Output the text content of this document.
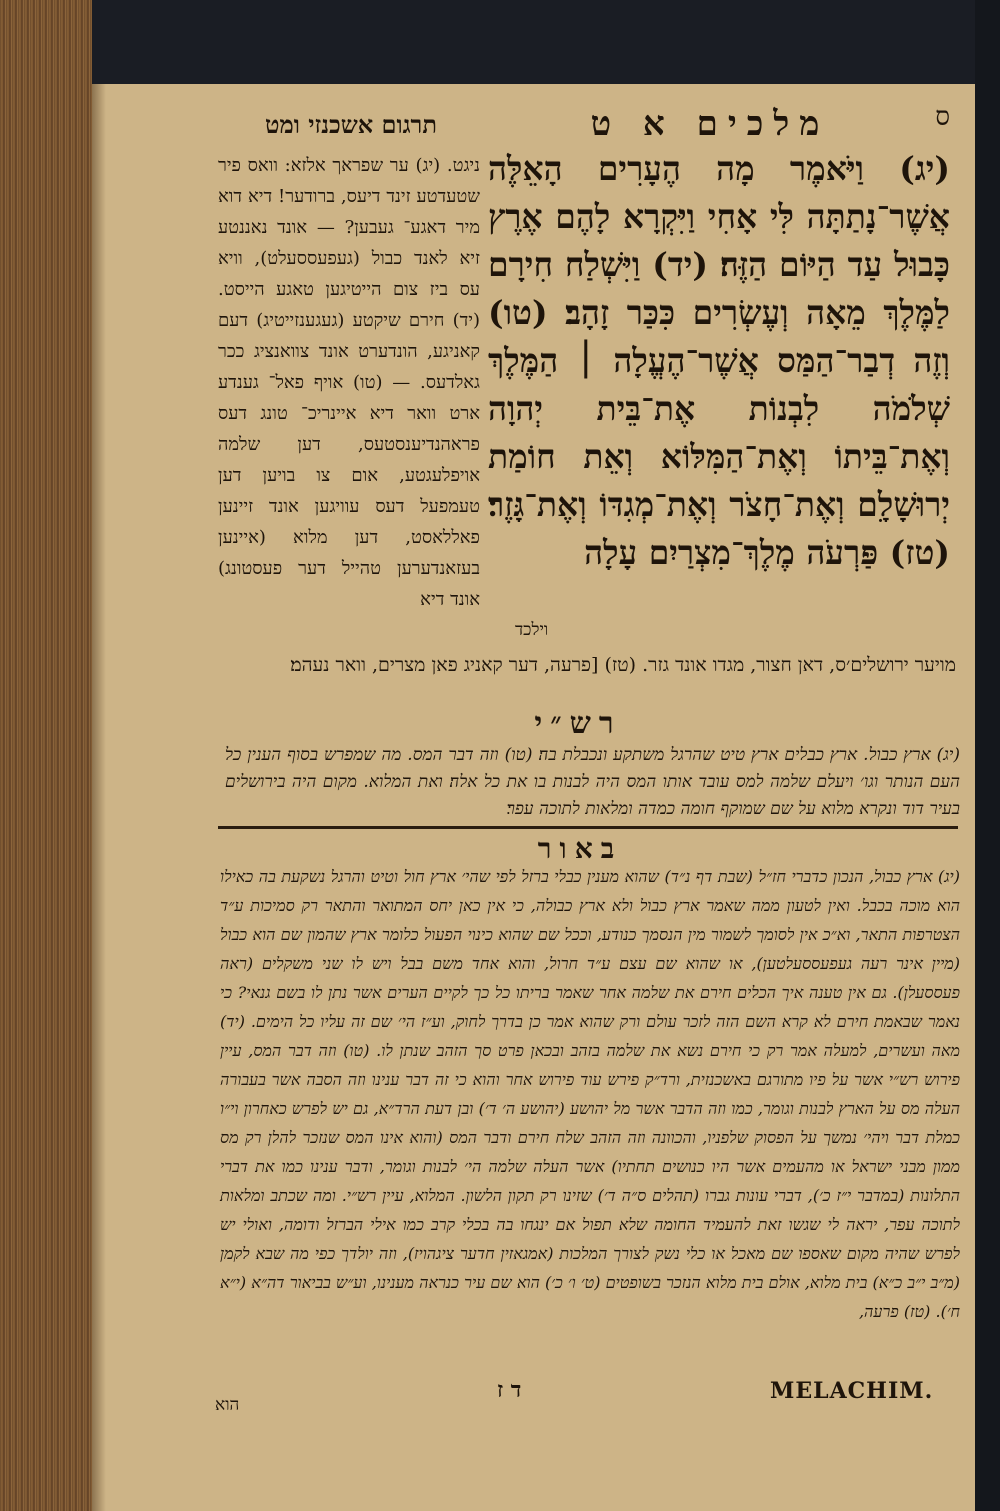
תרגום אשכנזי ומט	מלכים א ט	ס
ניגט. (יג) ער שפראך אלזא: וואס פיר שטעדטע זינד דיעס, ברודער! דיא דוא מיר דאגע־ געבען? — אונד נאננטע זיא לאנד כבול (געפעססעלט), וויא עס ביז צום הייטיגען טאגע הייסט. (יד) חירם שיקטע (געגענזייטיג) דעם קאניגע, הונדערט אונד צוואנציג ככר גאלדעס. — (טו) אויף פאל־ גענדע ארט וואר דיא איינריכ־ טונג דעס פראהנדיענסטעס, דען שלמה אויפלעגטע, אום צו בויען דען טעמפעל דעס עוויגען אונד זיינען פאללאסט, דען מלוא (איינען בעזאנדערען טהייל דער פעסטונג) אונד דיא
(יג) וַיֹּאמֶר מָה הֶעָרִים הָאֵלֶּה אֲשֶׁר־נָתַתָּה לִּי אָחִי וַיִּקְרָא לָהֶם אֶרֶץ כָּבוּל עַד הַיּוֹם הַזֶּה׃ (יד) וַיִּשְׁלַח חִירָם לַמֶּלֶךְ מֵאָה וְעֶשְׂרִים כִּכַּר זָהָב׃ (טו) וְזֶה דְבַר־הַמַּס אֲשֶׁר־הֶעֱלָה ׀ הַמֶּלֶךְ שְׁלֹמֹה לִבְנוֹת אֶת־בֵּית יְהוָה וְאֶת־בֵּיתוֹ וְאֶת־הַמִּלּוֹא וְאֵת חוֹמַת יְרוּשָׁלִָם וְאֶת־חָצֹר וְאֶת־מְגִדּוֹ וְאֶת־גָּזֶר׃ (טז) פַּרְעֹה מֶלֶךְ־מִצְרַיִם עָלָה
וילכד
מויער ירושלים׳ס, דאן חצור, מגדו אונד גזר. (טז) [פרעה, דער קאניג פאן מצרים, וואר נעהמ׃
רש״י
(יג) ארץ כבול. ארץ כבלים ארץ טיט שהרגל משתקע ונכבלת בה׃ (טו) וזה דבר המס. מה שמפרש בסוף הענין כל העם הנותר וגו׳ ויעלם שלמה למס עובד אותו המס היה לבנות בו את כל אלה׃ ואת המלוא. מקום היה בירושלים בעיר דוד ונקרא מלוא על שם שמוקף חומה כמדה ומלאות לתוכה עפר׃
באור
(יג) ארץ כבול, הנכון כדברי חז״ל (שבת דף נ״ד) שהוא מענין כבלי ברזל לפי שהי׳ ארץ חול וטיט והרגל נשקעת בה כאילו הוא מוכה בכבל. ואין לטעון ממה שאמר ארץ כבול ולא ארץ כבולה, כי אין כאן יחס המתואר והתאר רק סמיכות ע״ד הצטרפות התאר, וא״כ אין לסומך לשמור מין הנסמך כנודע, וככל שם שהוא כינוי הפעול כלומר ארץ שהמון שם הוא כבול (מיין אינר רעה געפעססעלטען), או שהוא שם עצם ע״ד חרול, והוא אחד משם בבל ויש לו שני משקלים (ראה פעססעלן). גם אין טענה איך הכלים חירם את שלמה אחר שאמר בריתו כל כך לקיים הערים אשר נתן לו בשם גנאי? כי נאמר שבאמת חירם לא קרא השם הזה לזכר עולם ורק שהוא אמר כן בדרך לחוק, וע״ז הי׳ שם זה עליו כל הימים. (יד) מאה ועשרים, למעלה אמר רק כי חירם נשא את שלמה בזהב ובכאן פרט סך הזהב שנתן לו. (טו) וזה דבר המס, עיין פירוש רש״י אשר על פיו מתורגם באשכנזית, ורד״ק פירש עוד פירוש אחר והוא כי זה דבר ענינו וזה הסבה אשר בעבורה העלה מס על הארץ לבנות וגומר, כמו וזה הדבר אשר מל יהושע (יהושע ה׳ ד׳) ובן דעת הרד״א, גם יש לפרש כאחרון וי״ו כמלת דבר ויהי׳ נמשך על הפסוק שלפניו, והכוונה וזה הזהב שלח חירם ודבר המס (והוא אינו המס שנזכר להלן רק מס ממון מבני ישראל או מהעמים אשר היו כנושים תחתיו) אשר העלה שלמה הי׳ לבנות וגומר, ודבר ענינו כמו את דברי התלונות (במדבר י״ז כ׳), דברי עונות גברו (תהלים ס״ה ד׳) שזינו רק תקון הלשון. המלוא, עיין רש״י. ומה שכתב ומלאות לתוכה עפר, יראה לי שגשו זאת להעמיד החומה שלא תפול אם ינגחו בה בכלי קרב כמו אילי הברזל ודומה, ואולי יש לפרש שהיה מקום שאספו שם מאכל או כלי נשק לצורך המלכות (אמגאזין חדער ציגהויז), וזה יולדך כפי מה שבא לקמן (מ״ב י״ב כ״א) בית מלוא, אולם בית מלוא הנזכר בשופטים (ט׳ ו׳ כ׳) הוא שם עיר כנראה מענינו, וע״ש בביאור דה״א (י״א ח׳). (טז) פרעה,
הוא
ד ז	MELACHIM.
